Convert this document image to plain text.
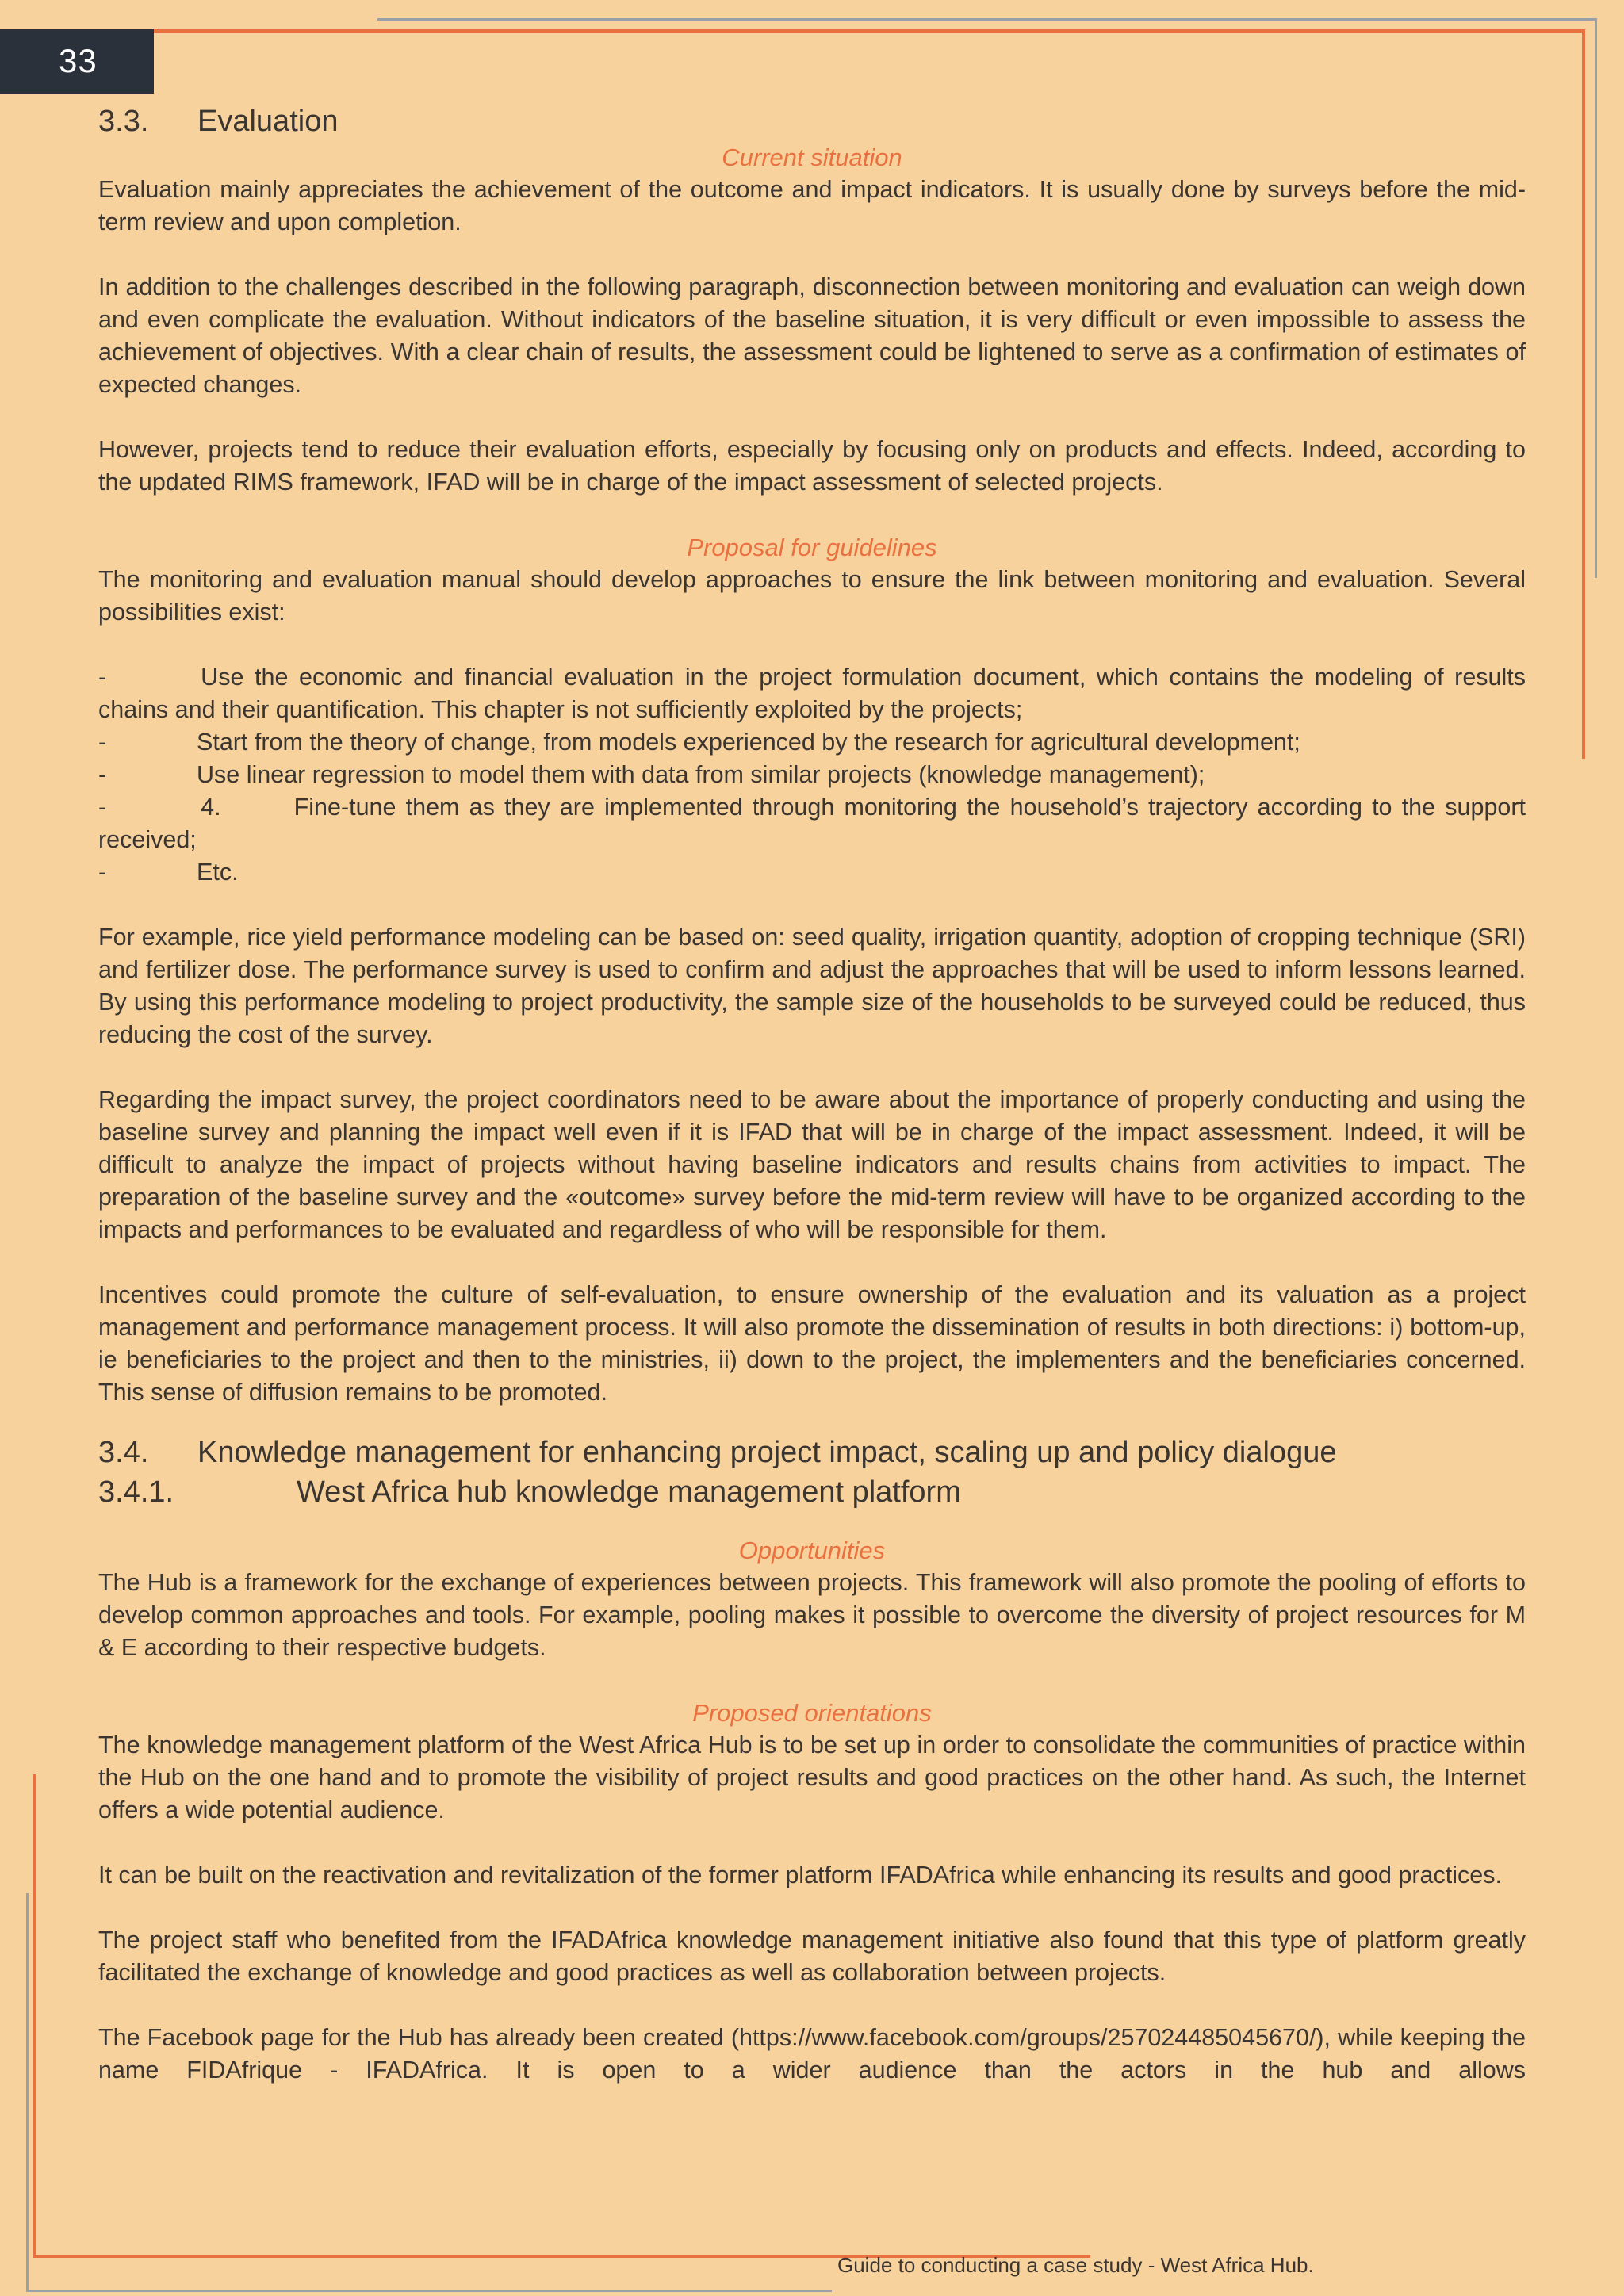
33
3.3.	Evaluation
Current situation

Evaluation mainly appreciates the achievement of the outcome and impact indicators. It is usually done by surveys before the mid-term review and upon completion.

In addition to the challenges described in the following paragraph, disconnection between monitoring and evaluation can weigh down and even complicate the evaluation. Without indicators of the baseline situation, it is very difficult or even impossible to assess the achievement of objectives. With a clear chain of results, the assessment could be lightened to serve as a confirmation of estimates of expected changes.

However, projects tend to reduce their evaluation efforts, especially by focusing only on products and effects. Indeed, according to the updated RIMS framework, IFAD will be in charge of the impact assessment of selected projects.

Proposal for guidelines

The monitoring and evaluation manual should develop approaches to ensure the link between monitoring and evaluation. Several possibilities exist:

-	Use the economic and financial evaluation in the project formulation document, which contains the modeling of results chains and their quantification. This chapter is not sufficiently exploited by the projects;

-	Start from the theory of change, from models experienced by the research for agricultural development;
-	Use linear regression to model them with data from similar projects (knowledge management);

-	4.	Fine-tune them as they are implemented through monitoring the household’s trajectory according to the support received;

-	Etc.

For example, rice yield performance modeling can be based on: seed quality, irrigation quantity, adoption of cropping technique (SRI) and fertilizer dose. The performance survey is used to confirm and adjust the approaches that will be used to inform lessons learned. By using this performance modeling to project productivity, the sample size of the households to be surveyed could be reduced, thus reducing the cost of the survey.

Regarding the impact survey, the project coordinators need to be aware about the importance of properly conducting and using the baseline survey and planning the impact well even if it is IFAD that will be in charge of the impact assessment. Indeed, it will be difficult to analyze the impact of projects without having baseline indicators and results chains from activities to impact. The preparation of the baseline survey and the «outcome» survey before the mid-term review will have to be organized according to the impacts and performances to be evaluated and regardless of who will be responsible for them.

Incentives could promote the culture of self-evaluation, to ensure ownership of the evaluation and its valuation as a project management and performance management process. It will also promote the dissemination of results in both directions: i) bottom-up, ie beneficiaries to the project and then to the ministries, ii) down to the project, the implementers and the beneficiaries concerned. This sense of diffusion remains to be promoted.

3.4.	Knowledge management for enhancing project impact, scaling up and policy dialogue
3.4.1.	West Africa hub knowledge management platform
Opportunities

The Hub is a framework for the exchange of experiences between projects. This framework will also promote the pooling of efforts to develop common approaches and tools. For example, pooling makes it possible to overcome the diversity of project resources for M & E according to their respective budgets.

Proposed orientations

The knowledge management platform of the West Africa Hub is to be set up in order to consolidate the communities of practice within the Hub on the one hand and to promote the visibility of project results and good practices on the other hand. As such, the Internet offers a wide potential audience.

It can be built on the reactivation and revitalization of the former platform IFADAfrica while enhancing its results and good practices.

The project staff who benefited from the IFADAfrica knowledge management initiative also found that this type of platform greatly facilitated the exchange of knowledge and good practices as well as collaboration between projects.

The Facebook page for the Hub has already been created (https://www.facebook.com/groups/257024485045670/), while keeping the name FIDAfrique - IFADAfrica. It is open to a wider audience than the actors in the hub and allows

Guide to conducting a case study - West Africa Hub.
